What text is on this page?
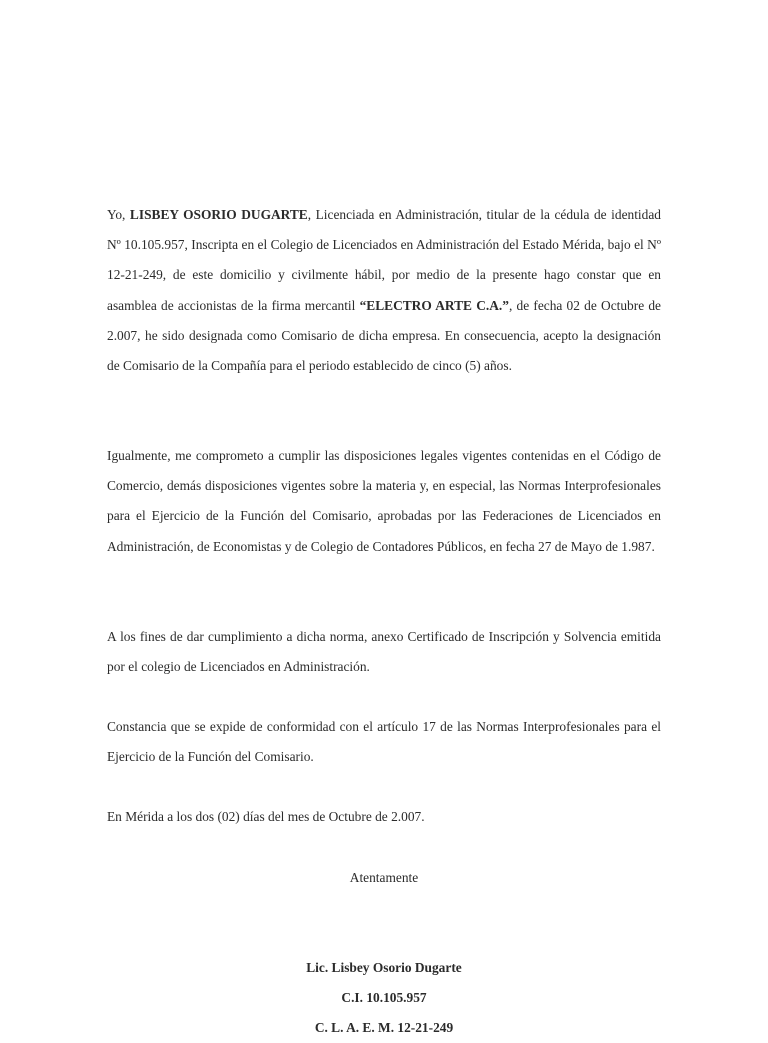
Yo, LISBEY OSORIO DUGARTE, Licenciada en Administración, titular de la cédula de identidad Nº 10.105.957, Inscripta en el Colegio de Licenciados en Administración del Estado Mérida, bajo el Nº 12-21-249, de este domicilio y civilmente hábil, por medio de la presente hago constar que en asamblea de accionistas de la firma mercantil “ELECTRO ARTE C.A.”, de fecha 02 de Octubre de 2.007, he sido designada como Comisario de dicha empresa. En consecuencia, acepto la designación de Comisario de la Compañía para el periodo establecido de cinco (5) años.

Igualmente, me comprometo a cumplir las disposiciones legales vigentes contenidas en el Código de Comercio, demás disposiciones vigentes sobre la materia y, en especial, las Normas Interprofesionales para el Ejercicio de la Función del Comisario, aprobadas por las Federaciones de Licenciados en Administración, de Economistas y de Colegio de Contadores Públicos, en fecha 27 de Mayo de 1.987.

A los fines de dar cumplimiento a dicha norma, anexo Certificado de Inscripción y Solvencia emitida por el colegio de Licenciados en Administración.

Constancia que se expide de conformidad con el artículo 17 de las Normas Interprofesionales para el Ejercicio de la Función del Comisario.

En Mérida a los dos (02) días del mes de Octubre de 2.007.

Atentamente

Lic. Lisbey Osorio Dugarte

C.I. 10.105.957

C. L. A. E. M. 12-21-249
